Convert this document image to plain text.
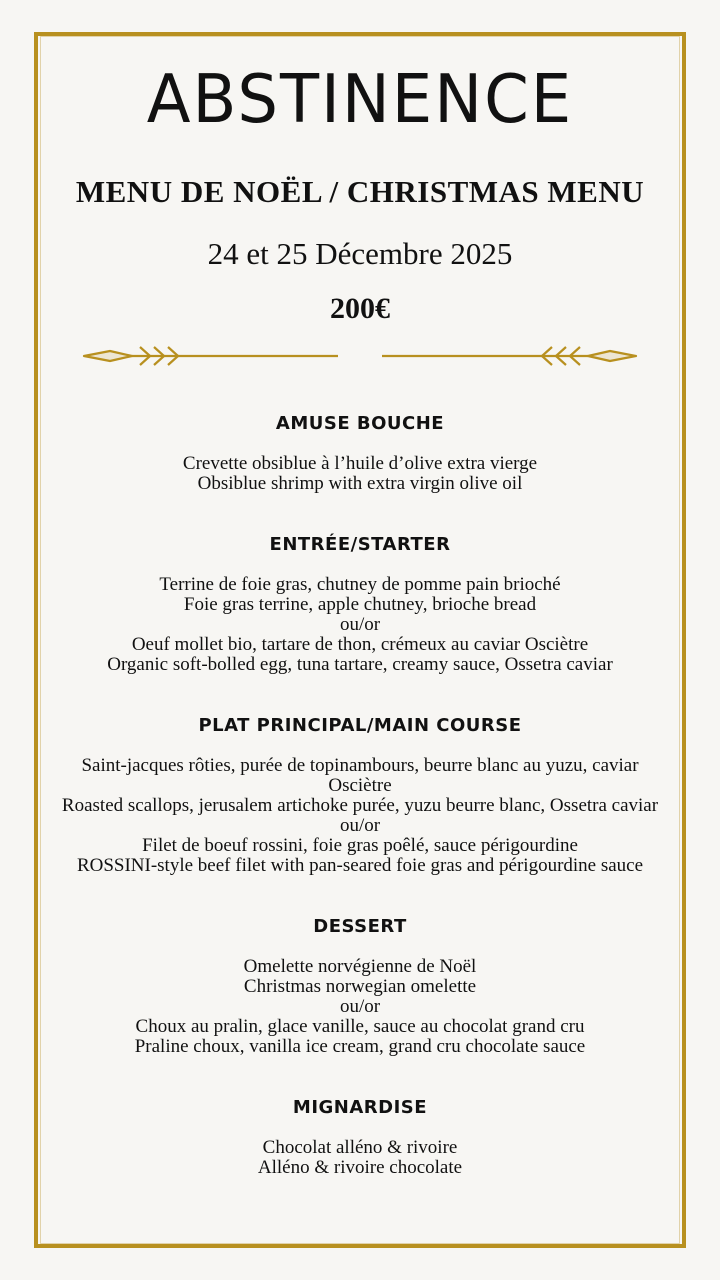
ABSTINENCE
MENU DE NOËL / CHRISTMAS MENU
24 et 25 Décembre 2025
200€
AMUSE BOUCHE
Crevette obsiblue à l’huile d’olive extra vierge
Obsiblue shrimp with extra virgin olive oil
ENTRÉE/STARTER
Terrine de foie gras, chutney de pomme pain brioché
Foie gras terrine, apple chutney, brioche bread
ou/or
Oeuf mollet bio, tartare de thon, crémeux au caviar Osciètre
Organic soft-bolled egg, tuna tartare, creamy sauce, Ossetra caviar
PLAT PRINCIPAL/MAIN COURSE
Saint-jacques rôties, purée de topinambours, beurre blanc au yuzu, caviar Osciètre
Roasted scallops, jerusalem artichoke purée, yuzu beurre blanc, Ossetra caviar
ou/or
Filet de boeuf rossini, foie gras poêlé, sauce périgourdine
ROSSINI-style beef filet with pan-seared foie gras and périgourdine sauce
DESSERT
Omelette norvégienne de Noël
Christmas norwegian omelette
ou/or
Choux au pralin, glace vanille, sauce au chocolat grand cru
Praline choux, vanilla ice cream, grand cru chocolate sauce
MIGNARDISE
Chocolat alléno & rivoire
Alléno & rivoire chocolate
